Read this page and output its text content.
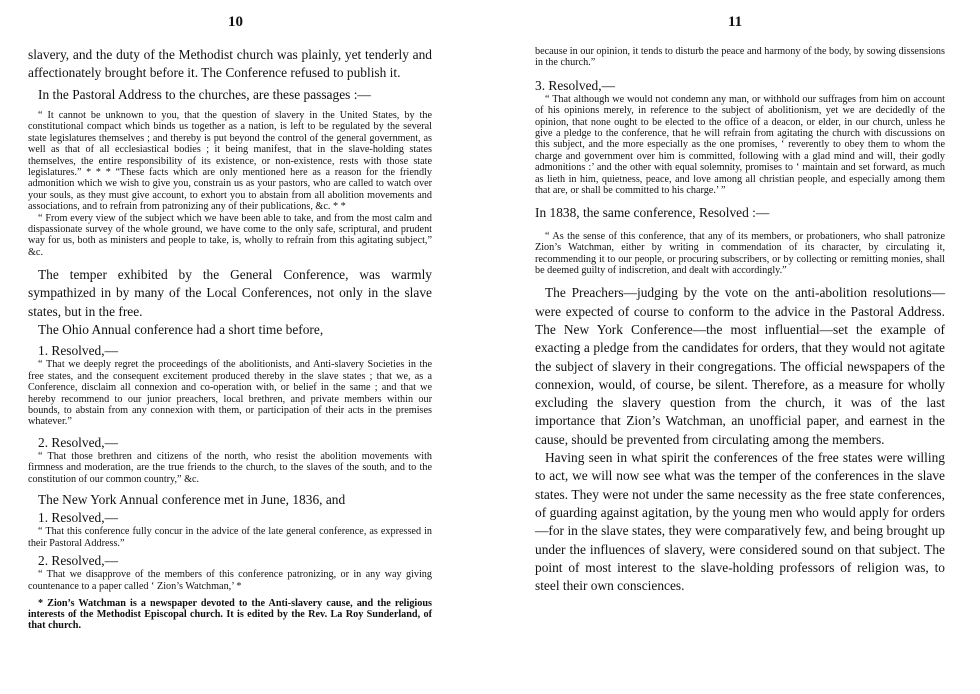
10

slavery, and the duty of the Methodist church was plainly, yet tenderly and affectionately brought before it. The Conference refused to publish it.

In the Pastoral Address to the churches, are these passages :—

“ It cannot be unknown to you, that the question of slavery in the United States, by the constitutional compact which binds us together as a nation, is left to be regulated by the several state legislatures themselves ; and thereby is put beyond the control of the general government, as well as that of all ecclesiastical bodies ; it being manifest, that in the slave-holding states themselves, the entire responsibility of its existence, or non-existence, rests with those state legislatures.” * * * “These facts which are only mentioned here as a reason for the friendly admonition which we wish to give you, constrain us as your pastors, who are called to watch over your souls, as they must give account, to exhort you to abstain from all abolition movements and associations, and to refrain from patronizing any of their publications, &c. * *

“ From every view of the subject which we have been able to take, and from the most calm and dispassionate survey of the whole ground, we have come to the only safe, scriptural, and prudent way for us, both as ministers and people to take, is, wholly to refrain from this agitating subject,” &c.

The temper exhibited by the General Conference, was warmly sympathized in by many of the Local Conferences, not only in the slave states, but in the free.

The Ohio Annual conference had a short time before,

1. Resolved,—

“ That we deeply regret the proceedings of the abolitionists, and Anti-slavery Societies in the free states, and the consequent excitement produced thereby in the slave states ; that we, as a Conference, disclaim all connexion and co-operation with, or belief in the same ; and that we hereby recommend to our junior preachers, local brethren, and private members within our bounds, to abstain from any connexion with them, or participation of their acts in the premises whatever.”

2. Resolved,—

“ That those brethren and citizens of the north, who resist the abolition movements with firmness and moderation, are the true friends to the church, to the slaves of the south, and to the constitution of our common country,” &c.

The New York Annual conference met in June, 1836, and

1. Resolved,—

“ That this conference fully concur in the advice of the late general conference, as expressed in their Pastoral Address.”

2. Resolved,—

“ That we disapprove of the members of this conference patronizing, or in any way giving countenance to a paper called ‘ Zion’s Watchman,’ *

* Zion’s Watchman is a newspaper devoted to the Anti-slavery cause, and the religious interests of the Methodist Episcopal church. It is edited by the Rev. La Roy Sunderland, of that church.

11

because in our opinion, it tends to disturb the peace and harmony of the body, by sowing dissensions in the church.”

3. Resolved,—

“ That although we would not condemn any man, or withhold our suffrages from him on account of his opinions merely, in reference to the subject of abolitionism, yet we are decidedly of the opinion, that none ought to be elected to the office of a deacon, or elder, in our church, unless he give a pledge to the conference, that he will refrain from agitating the church with discussions on this subject, and the more especially as the one promises, ‘ reverently to obey them to whom the charge and government over him is committed, following with a glad mind and will, their godly admonitions :’ and the other with equal solemnity, promises to ‘ maintain and set forward, as much as lieth in him, quietness, peace, and love among all christian people, and especially among them that are, or shall be committed to his charge.’ ”

In 1838, the same conference, Resolved :—

“ As the sense of this conference, that any of its members, or probationers, who shall patronize Zion’s Watchman, either by writing in commendation of its character, by circulating it, recommending it to our people, or procuring subscribers, or by collecting or remitting monies, shall be deemed guilty of indiscretion, and dealt with accordingly.”

The Preachers—judging by the vote on the anti-abolition resolutions—were expected of course to conform to the advice in the Pastoral Address. The New York Conference—the most influential—set the example of exacting a pledge from the candidates for orders, that they would not agitate the subject of slavery in their congregations. The official newspapers of the connexion, would, of course, be silent. Therefore, as a measure for wholly excluding the slavery question from the church, it was of the last importance that Zion’s Watchman, an unofficial paper, and earnest in the cause, should be prevented from circulating among the members.

Having seen in what spirit the conferences of the free states were willing to act, we will now see what was the temper of the conferences in the slave states. They were not under the same necessity as the free state conferences, of guarding against agitation, by the young men who would apply for orders—for in the slave states, they were comparatively few, and being brought up under the influences of slavery, were considered sound on that subject. The point of most interest to the slave-holding professors of religion was, to steel their own consciences.
